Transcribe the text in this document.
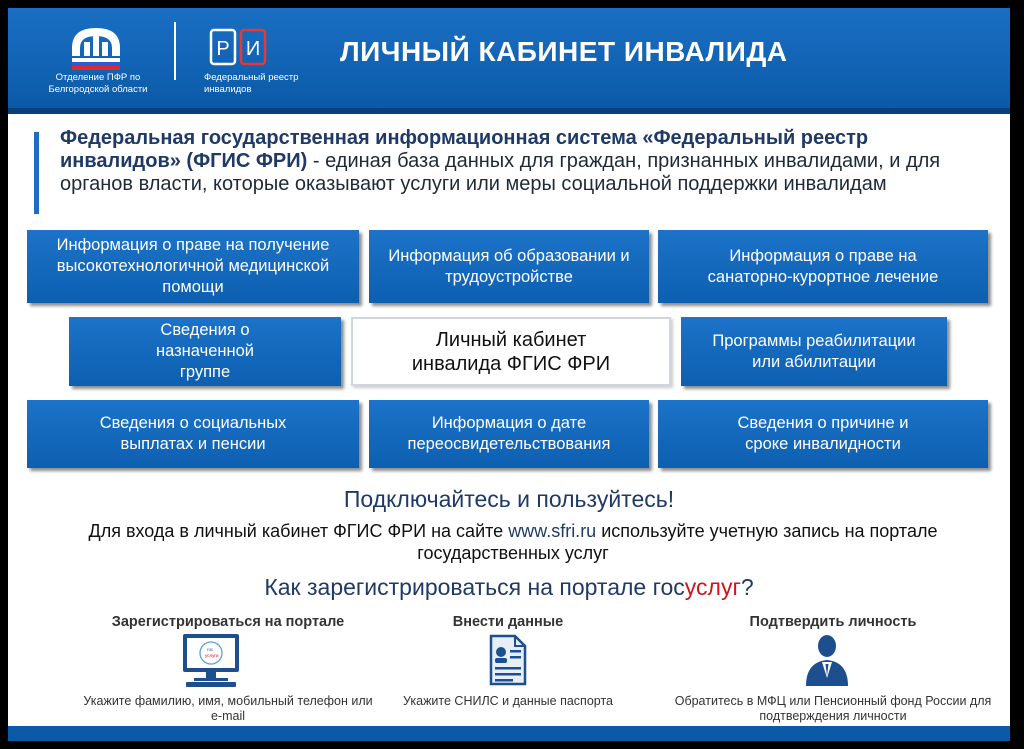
Отделение ПФР по Белгородской области
Р И
Федеральный реестр инвалидов
ЛИЧНЫЙ КАБИНЕТ ИНВАЛИДА
Федеральная государственная информационная система «Федеральный реестр инвалидов» (ФГИС ФРИ) - единая база данных для граждан, признанных инвалидами, и для органов власти, которые оказывают услуги или меры социальной поддержки инвалидам
Информация о праве на получение высокотехнологичной медицинской помощи
Информация об образовании и трудоустройстве
Информация о праве на санаторно-курортное лечение
Сведения о назначенной группе
Личный кабинет инвалида ФГИС ФРИ
Программы реабилитации или абилитации
Сведения о социальных выплатах и пенсии
Информация о дате переосвидетельствования
Сведения о причине и сроке инвалидности
Подключайтесь и пользуйтесь!
Для входа в личный кабинет ФГИС ФРИ на сайте www.sfri.ru используйте учетную запись на портале государственных услуг
Как зарегистрироваться на портале госуслуг?
Зарегистрироваться на портале
гос
услуги
Укажите фамилию, имя, мобильный телефон или e-mail
Внести данные
Укажите СНИЛС и данные паспорта
Подтвердить личность
Обратитесь в МФЦ или Пенсионный фонд России для подтверждения личности
